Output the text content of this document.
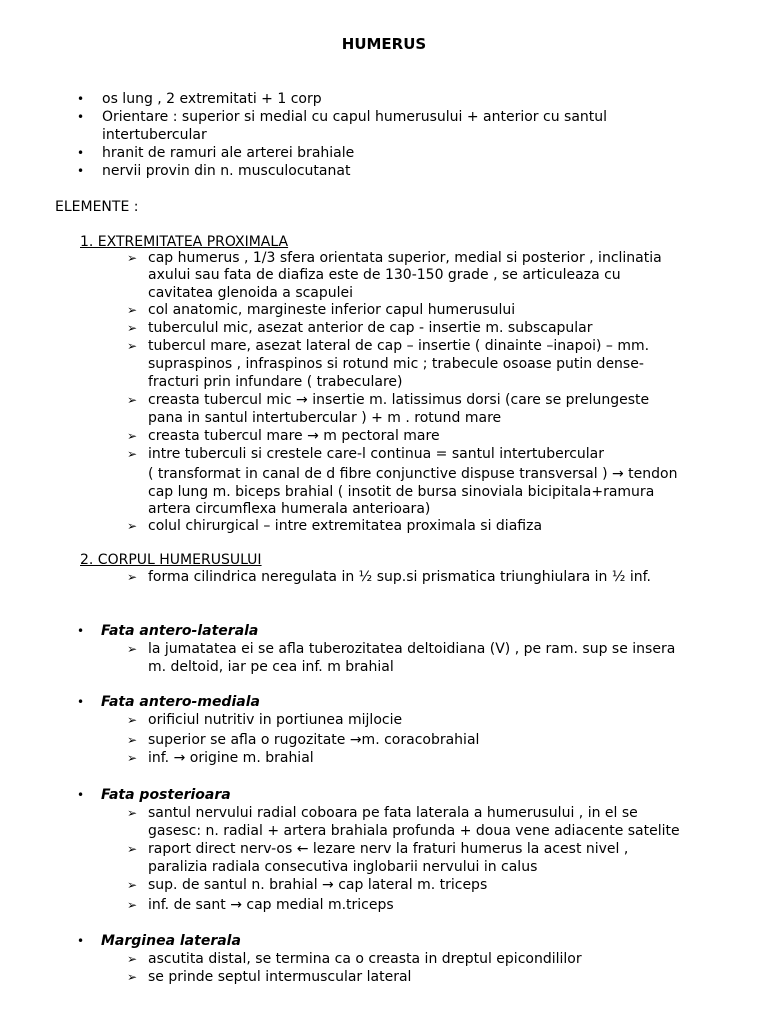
HUMERUS
• os lung , 2 extremitati + 1 corp
• Orientare : superior si medial cu capul humerusului + anterior cu santul
intertubercular
• hranit de ramuri ale arterei brahiale
• nervii provin din n. musculocutanat
ELEMENTE :
1. EXTREMITATEA PROXIMALA
➢ cap humerus , 1/3 sfera orientata superior, medial si posterior , inclinatia
axului sau fata de diafiza este de 130-150 grade , se articuleaza cu
cavitatea glenoida a scapulei
➢ col anatomic, margineste inferior capul humerusului
➢ tuberculul mic, asezat anterior de cap - insertie m. subscapular
➢ tubercul mare, asezat lateral de cap – insertie ( dinainte –inapoi) – mm.
supraspinos , infraspinos si rotund mic ; trabecule osoase putin dense-
fracturi prin infundare ( trabeculare)
➢ creasta tubercul mic → insertie m. latissimus dorsi (care se prelungeste
pana in santul intertubercular ) + m . rotund mare
➢ creasta tubercul mare → m pectoral mare
➢ intre tuberculi si crestele care-l continua = santul intertubercular
( transformat in canal de d fibre conjunctive dispuse transversal ) → tendon
cap lung m. biceps brahial ( insotit de bursa sinoviala bicipitala+ramura
artera circumflexa humerala anterioara)
➢ colul chirurgical – intre extremitatea proximala si diafiza
2. CORPUL HUMERUSULUI
➢ forma cilindrica neregulata in ½ sup.si prismatica triunghiulara in ½ inf.
• Fata antero-laterala
➢ la jumatatea ei se afla tuberozitatea deltoidiana (V) , pe ram. sup se insera
m. deltoid, iar pe cea inf. m brahial
• Fata antero-mediala
➢ orificiul nutritiv in portiunea mijlocie
➢ superior se afla o rugozitate →m. coracobrahial
➢ inf. → origine m. brahial
• Fata posterioara
➢ santul nervului radial coboara pe fata laterala a humerusului , in el se
gasesc: n. radial + artera brahiala profunda + doua vene adiacente satelite
➢ raport direct nerv-os ← lezare nerv la fraturi humerus la acest nivel ,
paralizia radiala consecutiva inglobarii nervului in calus
➢ sup. de santul n. brahial → cap lateral m. triceps
➢ inf. de sant → cap medial m.triceps
• Marginea laterala
➢ ascutita distal, se termina ca o creasta in dreptul epicondililor
➢ se prinde septul intermuscular lateral
